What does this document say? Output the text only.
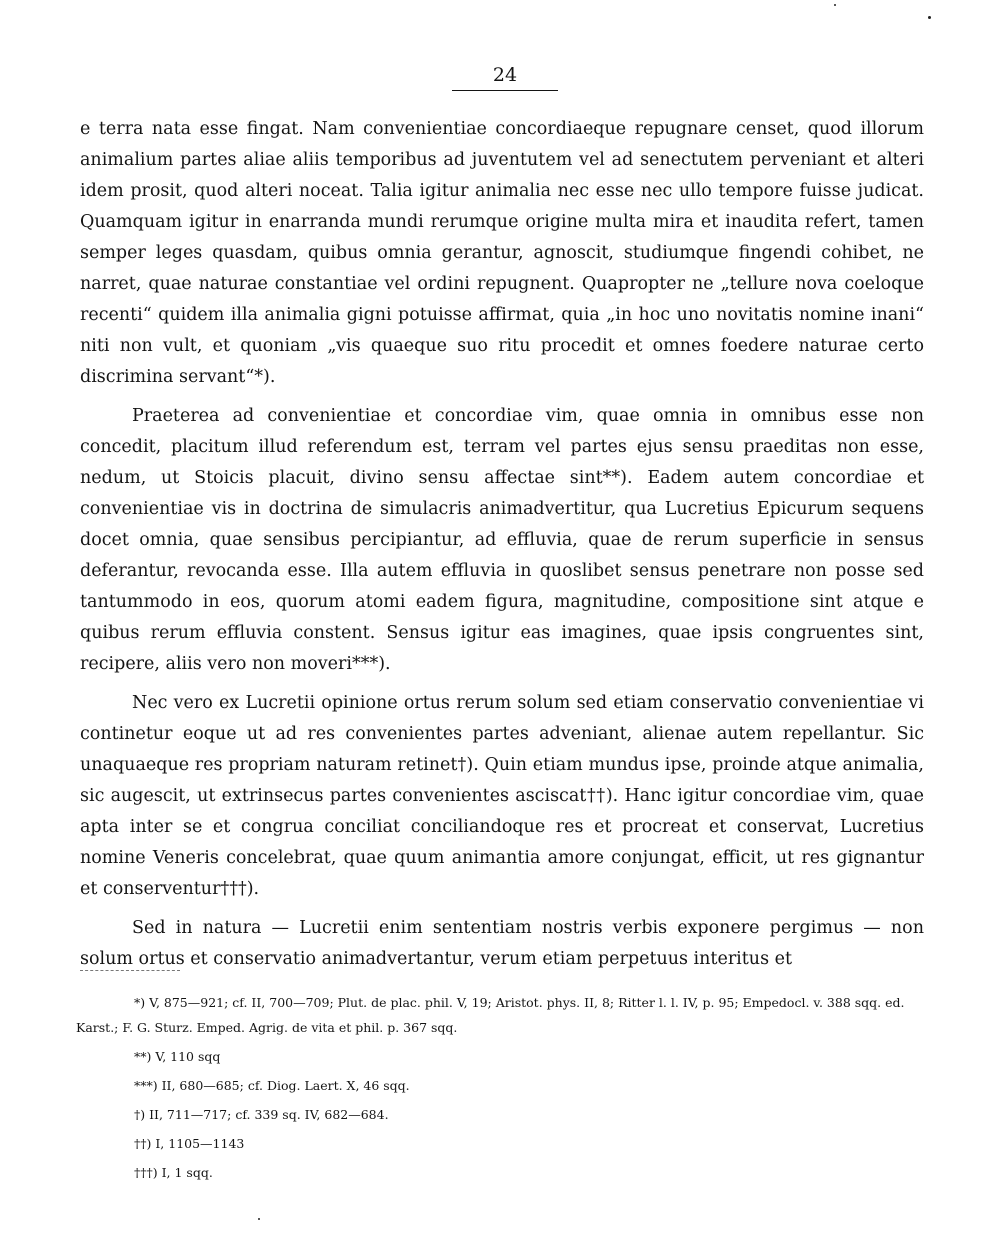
24

e terra nata esse fingat. Nam convenientiae concordiaeque repugnare censet, quod illorum animalium partes aliae aliis temporibus ad juventutem vel ad senectutem perveniant et alteri idem prosit, quod alteri noceat. Talia igitur animalia nec esse nec ullo tempore fuisse judicat. Quamquam igitur in enarranda mundi rerumque origine multa mira et inaudita refert, tamen semper leges quasdam, quibus omnia gerantur, agnoscit, studiumque fingendi cohibet, ne narret, quae naturae constantiae vel ordini repugnent. Quapropter ne „tellure nova coeloque recenti“ quidem illa animalia gigni potuisse affirmat, quia „in hoc uno novitatis nomine inani“ niti non vult, et quoniam „vis quaeque suo ritu procedit et omnes foedere naturae certo discrimina servant“*).

Praeterea ad convenientiae et concordiae vim, quae omnia in omnibus esse non concedit, placitum illud referendum est, terram vel partes ejus sensu praeditas non esse, nedum, ut Stoicis placuit, divino sensu affectae sint**). Eadem autem concordiae et convenientiae vis in doctrina de simulacris animadvertitur, qua Lucretius Epicurum sequens docet omnia, quae sensibus percipiantur, ad effluvia, quae de rerum superficie in sensus deferantur, revocanda esse. Illa autem effluvia in quoslibet sensus penetrare non posse sed tantummodo in eos, quorum atomi eadem figura, magnitudine, compositione sint atque e quibus rerum effluvia constent. Sensus igitur eas imagines, quae ipsis congruentes sint, recipere, aliis vero non moveri***).

Nec vero ex Lucretii opinione ortus rerum solum sed etiam conservatio convenientiae vi continetur eoque ut ad res convenientes partes adveniant, alienae autem repellantur. Sic unaquaeque res propriam naturam retinet†). Quin etiam mundus ipse, proinde atque animalia, sic augescit, ut extrinsecus partes convenientes asciscat††). Hanc igitur concordiae vim, quae apta inter se et congrua conciliat conciliandoque res et procreat et conservat, Lucretius nomine Veneris concelebrat, quae quum animantia amore conjungat, efficit, ut res gignantur et conserventur†††).

Sed in natura — Lucretii enim sententiam nostris verbis exponere pergimus — non solum ortus et conservatio animadvertantur, verum etiam perpetuus interitus et

*) V, 875—921; cf. II, 700—709; Plut. de plac. phil. V, 19; Aristot. phys. II, 8; Ritter l. l. IV, p. 95; Empedocl. v. 388 sqq. ed. Karst.; F. G. Sturz. Emped. Agrig. de vita et phil. p. 367 sqq.

**) V, 110 sqq

***) II, 680—685; cf. Diog. Laert. X, 46 sqq.

†) II, 711—717; cf. 339 sq. IV, 682—684.

††) I, 1105—1143

†††) I, 1 sqq.
